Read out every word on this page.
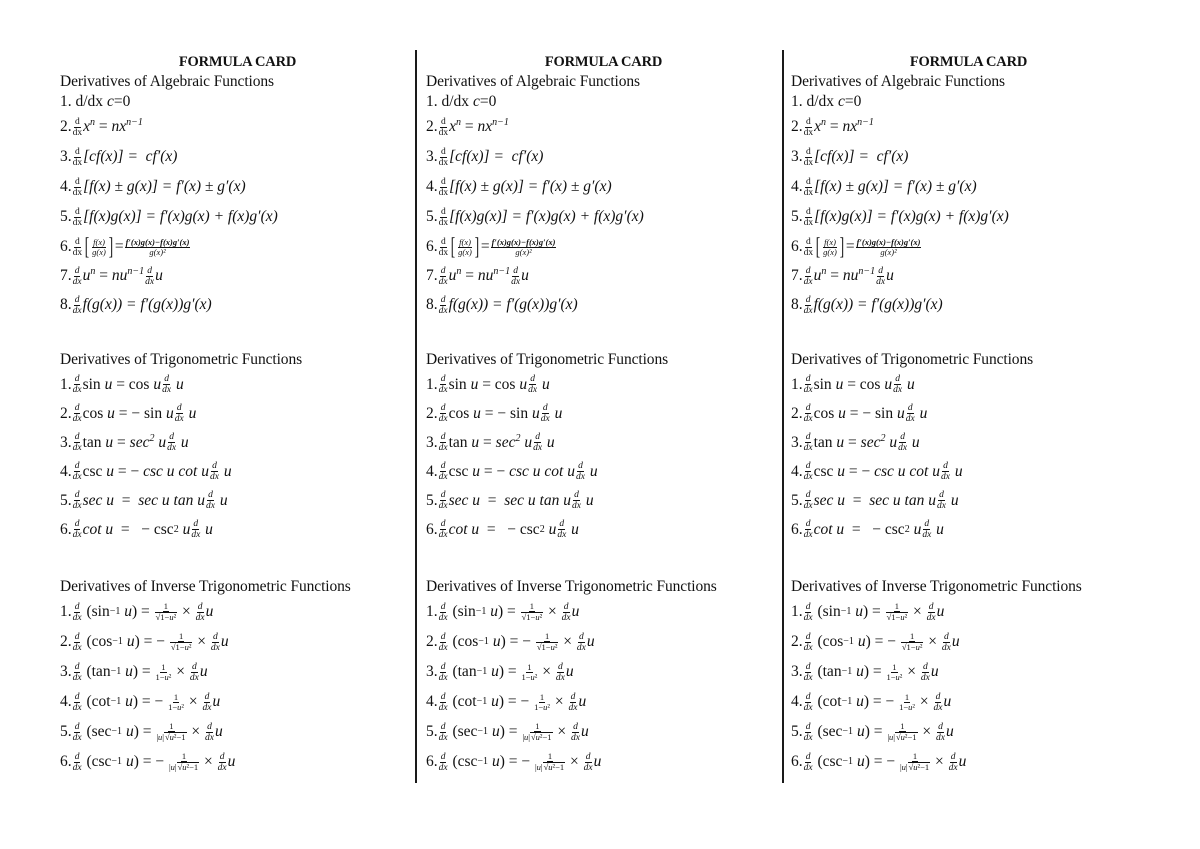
FORMULA CARD
Derivatives of Algebraic Functions
1. d/dx c =0
2. d
dx $x^n = nx^{n-1}$
3. d
dx [cf(x)] =  cf′(x)
4. d
dx [f(x) ± g(x)] = f′(x) ± g′(x)
5. d
dx [f(x)g(x)] = f′(x)g(x) + f(x)g′(x)
6. d
dx [ f(x)
g(x) ] = f′(x)g(x)−f(x)g′(x)
g(x)²
7. d
dx $u^n = nu^{n-1}$ d
dx u
8. d
dx f(g(x)) = f′(g(x))g′(x)
Derivatives of Trigonometric Functions
1. d
dx sin u = cos u d
dx
u
2. d
dx cos u = − sin u d
dx
u
3. d
dx $\tan u = \sec^2 u$ d
dx
u
4. d
dx csc u = − csc u cot u d
dx
u
5. d
dx sec u = sec u tan u d
dx
u
6. d
dx cot u =   − csc 2
u d
dx
u
Derivatives of Inverse Trigonometric Functions
1. d
dx (sin −1
u ) = 1
√1−u² × d
dx u
2. d
dx (cos −1
u ) = − 1
√1−u² × d
dx u
3. d
dx (tan −1
u ) = 1
1−u² × d
dx u
4. d
dx (cot −1
u ) = − 1
1−u² × d
dx u
5. d
dx (sec −1
u ) = 1
|u|√u²−1 × d
dx u
6. d
dx (csc −1
u ) = − 1
|u|√u²−1 × d
dx u
FORMULA CARD
Derivatives of Algebraic Functions
1. d/dx c =0
2. d
dx $x^n = nx^{n-1}$
3. d
dx [cf(x)] =  cf′(x)
4. d
dx [f(x) ± g(x)] = f′(x) ± g′(x)
5. d
dx [f(x)g(x)] = f′(x)g(x) + f(x)g′(x)
6. d
dx [ f(x)
g(x) ] = f′(x)g(x)−f(x)g′(x)
g(x)²
7. d
dx $u^n = nu^{n-1}$ d
dx u
8. d
dx f(g(x)) = f′(g(x))g′(x)
Derivatives of Trigonometric Functions
1. d
dx sin u = cos u d
dx
u
2. d
dx cos u = − sin u d
dx
u
3. d
dx $\tan u = \sec^2 u$ d
dx
u
4. d
dx csc u = − csc u cot u d
dx
u
5. d
dx sec u = sec u tan u d
dx
u
6. d
dx cot u =   − csc 2
u d
dx
u
Derivatives of Inverse Trigonometric Functions
1. d
dx (sin −1
u ) = 1
√1−u² × d
dx u
2. d
dx (cos −1
u ) = − 1
√1−u² × d
dx u
3. d
dx (tan −1
u ) = 1
1−u² × d
dx u
4. d
dx (cot −1
u ) = − 1
1−u² × d
dx u
5. d
dx (sec −1
u ) = 1
|u|√u²−1 × d
dx u
6. d
dx (csc −1
u ) = − 1
|u|√u²−1 × d
dx u
FORMULA CARD
Derivatives of Algebraic Functions
1. d/dx c =0
2. d
dx $x^n = nx^{n-1}$
3. d
dx [cf(x)] =  cf′(x)
4. d
dx [f(x) ± g(x)] = f′(x) ± g′(x)
5. d
dx [f(x)g(x)] = f′(x)g(x) + f(x)g′(x)
6. d
dx [ f(x)
g(x) ] = f′(x)g(x)−f(x)g′(x)
g(x)²
7. d
dx $u^n = nu^{n-1}$ d
dx u
8. d
dx f(g(x)) = f′(g(x))g′(x)
Derivatives of Trigonometric Functions
1. d
dx sin u = cos u d
dx
u
2. d
dx cos u = − sin u d
dx
u
3. d
dx $\tan u = \sec^2 u$ d
dx
u
4. d
dx csc u = − csc u cot u d
dx
u
5. d
dx sec u = sec u tan u d
dx
u
6. d
dx cot u =   − csc 2
u d
dx
u
Derivatives of Inverse Trigonometric Functions
1. d
dx (sin −1
u ) = 1
√1−u² × d
dx u
2. d
dx (cos −1
u ) = − 1
√1−u² × d
dx u
3. d
dx (tan −1
u ) = 1
1−u² × d
dx u
4. d
dx (cot −1
u ) = − 1
1−u² × d
dx u
5. d
dx (sec −1
u ) = 1
|u|√u²−1 × d
dx u
6. d
dx (csc −1
u ) = − 1
|u|√u²−1 × d
dx u
